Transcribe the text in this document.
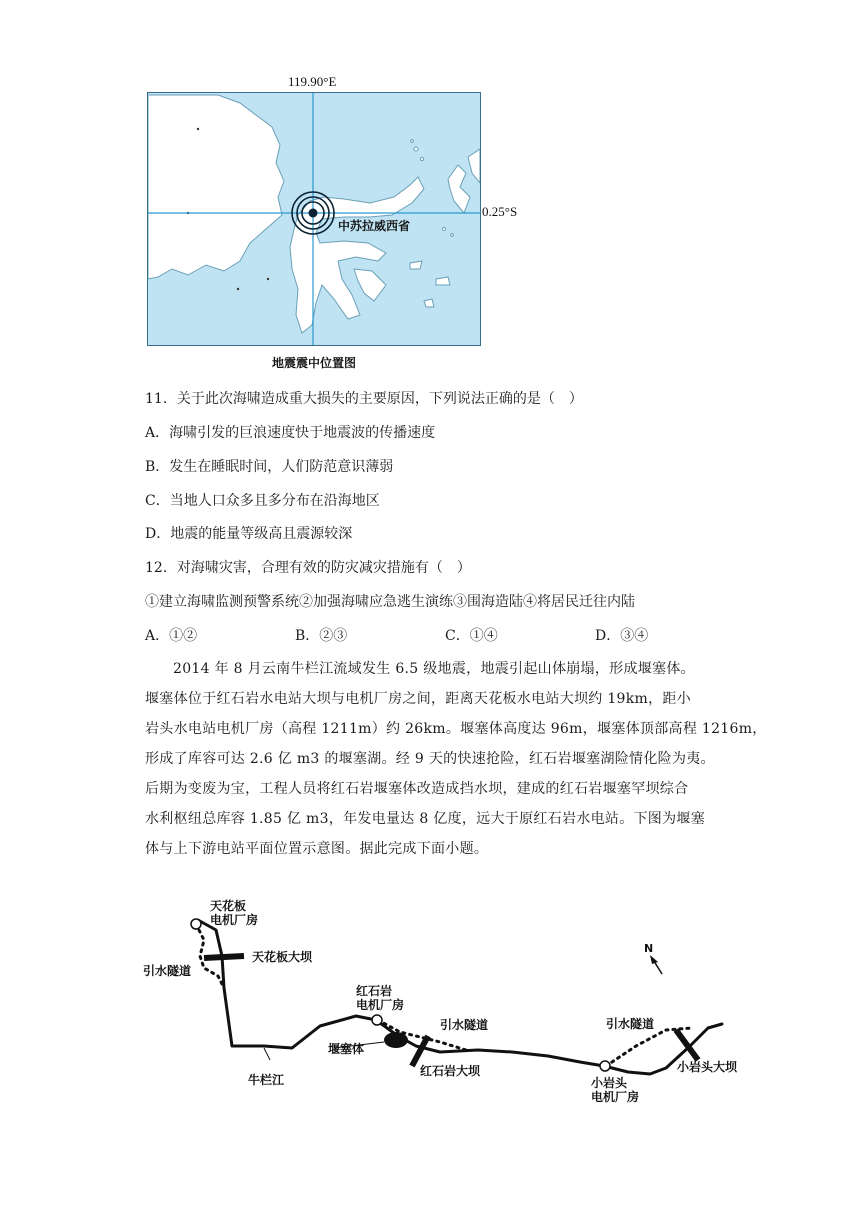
119.90°E
中苏拉威西省
0.25°S
地震震中位置图
11．关于此次海啸造成重大损失的主要原因，下列说法正确的是（　）
A．海啸引发的巨浪速度快于地震波的传播速度
B．发生在睡眠时间，人们防范意识薄弱
C．当地人口众多且多分布在沿海地区
D．地震的能量等级高且震源较深
12．对海啸灾害，合理有效的防灾减灾措施有（　）
①建立海啸监测预警系统②加强海啸应急逃生演练③围海造陆④将居民迁往内陆
A．①②	B．②③	C．①④	D．③④

2014 年 8 月云南牛栏江流域发生 6.5 级地震，地震引起山体崩塌，形成堰塞体。

堰塞体位于红石岩水电站大坝与电机厂房之间，距离天花板水电站大坝约 19km，距小

岩头水电站电机厂房（高程 1211m）约 26km。堰塞体高度达 96m，堰塞体顶部高程 1216m，

形成了库容可达 2.6 亿 m3 的堰塞湖。经 9 天的快速抢险，红石岩堰塞湖险情化险为夷。

后期为变废为宝，工程人员将红石岩堰塞体改造成挡水坝，建成的红石岩堰塞罕坝综合

水利枢纽总库容 1.85 亿 m3，年发电量达 8 亿度，远大于原红石岩水电站。下图为堰塞

体与上下游电站平面位置示意图。据此完成下面小题。

天花板
电机厂房
天花板大坝
引水隧道
红石岩
电机厂房
引水隧道
堰塞体
红石岩大坝
牛栏江
引水隧道
小岩头
电机厂房
小岩头大坝
N
